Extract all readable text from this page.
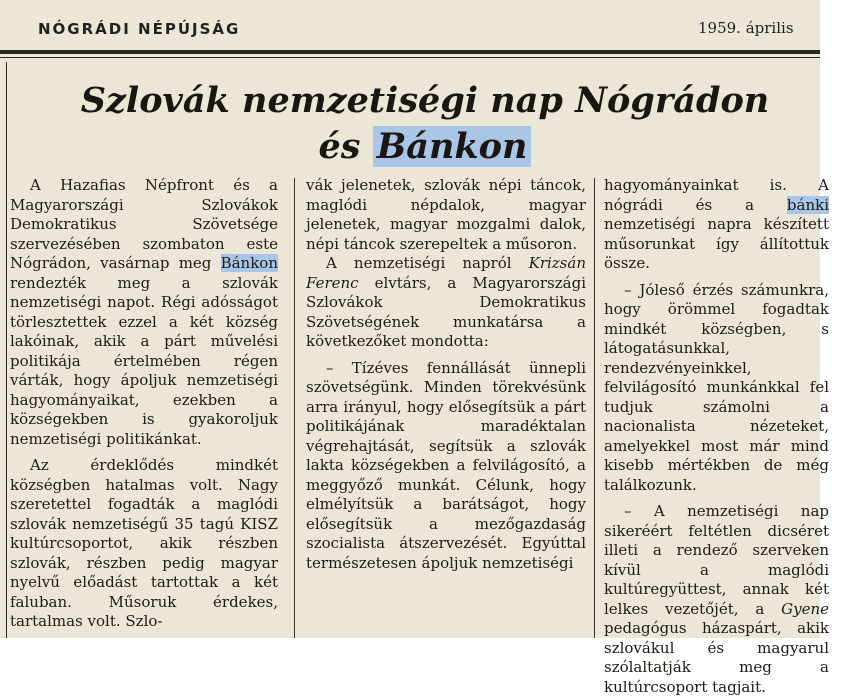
NÓGRÁDI NÉPÚJSÁG	1959. április
Szlovák nemzetiségi nap Nógrádon
és Bánkon

A Hazafias Népfront és a Magyarországi Szlovákok Demokratikus Szövetsége szervezésében szombaton este Nógrádon, vasárnap meg Bánkon rendezték meg a szlovák nemzetiségi napot. Régi adósságot törlesztettek ezzel a két község lakóinak, akik a párt művelési politikája értelmében régen várták, hogy ápoljuk nemzetiségi hagyományaikat, ezekben a községekben is gyakoroljuk nemzetiségi politikánkat.

Az érdeklődés mindkét községben hatalmas volt. Nagy szeretettel fogadták a maglódi szlovák nemzetiségű 35 tagú KISZ kultúrcsoportot, akik részben szlovák, részben pedig magyar nyelvű előadást tartottak a két faluban. Műsoruk érdekes, tartalmas volt. Szlo-

vák jelenetek, szlovák népi táncok, maglódi népdalok, magyar jelenetek, magyar mozgalmi dalok, népi táncok szerepeltek a műsoron.

A nemzetiségi napról Krizsán Ferenc elvtárs, a Magyarországi Szlovákok Demokratikus Szövetségének munkatársa a következőket mondotta:

– Tízéves fennállását ünnepli szövetségünk. Minden törekvésünk arra irányul, hogy elősegítsük a párt politikájának maradéktalan végrehajtását, segítsük a szlovák lakta községekben a felvilágosító, a meggyőző munkát. Célunk, hogy elmélyítsük a barátságot, hogy elősegítsük a mezőgazdaság szocialista átszervezését. Egyúttal természetesen ápoljuk nemzetiségi

hagyományainkat is. A nógrádi és a bánki nemzetiségi napra készített műsorunkat így állítottuk össze.

– Jóleső érzés számunkra, hogy örömmel fogadtak mindkét községben, s látogatásunkkal, rendezvényeinkkel, felvilágosító munkánkkal fel tudjuk számolni a nacionalista nézeteket, amelyekkel most már mind kisebb mértékben de még találkozunk.

– A nemzetiségi nap sikeréért feltétlen dicséret illeti a rendező szerveken kívül a maglódi kultúregyüttest, annak két lelkes vezetőjét, a Gyene pedagógus házaspárt, akik szlovákul és magyarul szólaltatják meg a kultúrcsoport tagjait.
